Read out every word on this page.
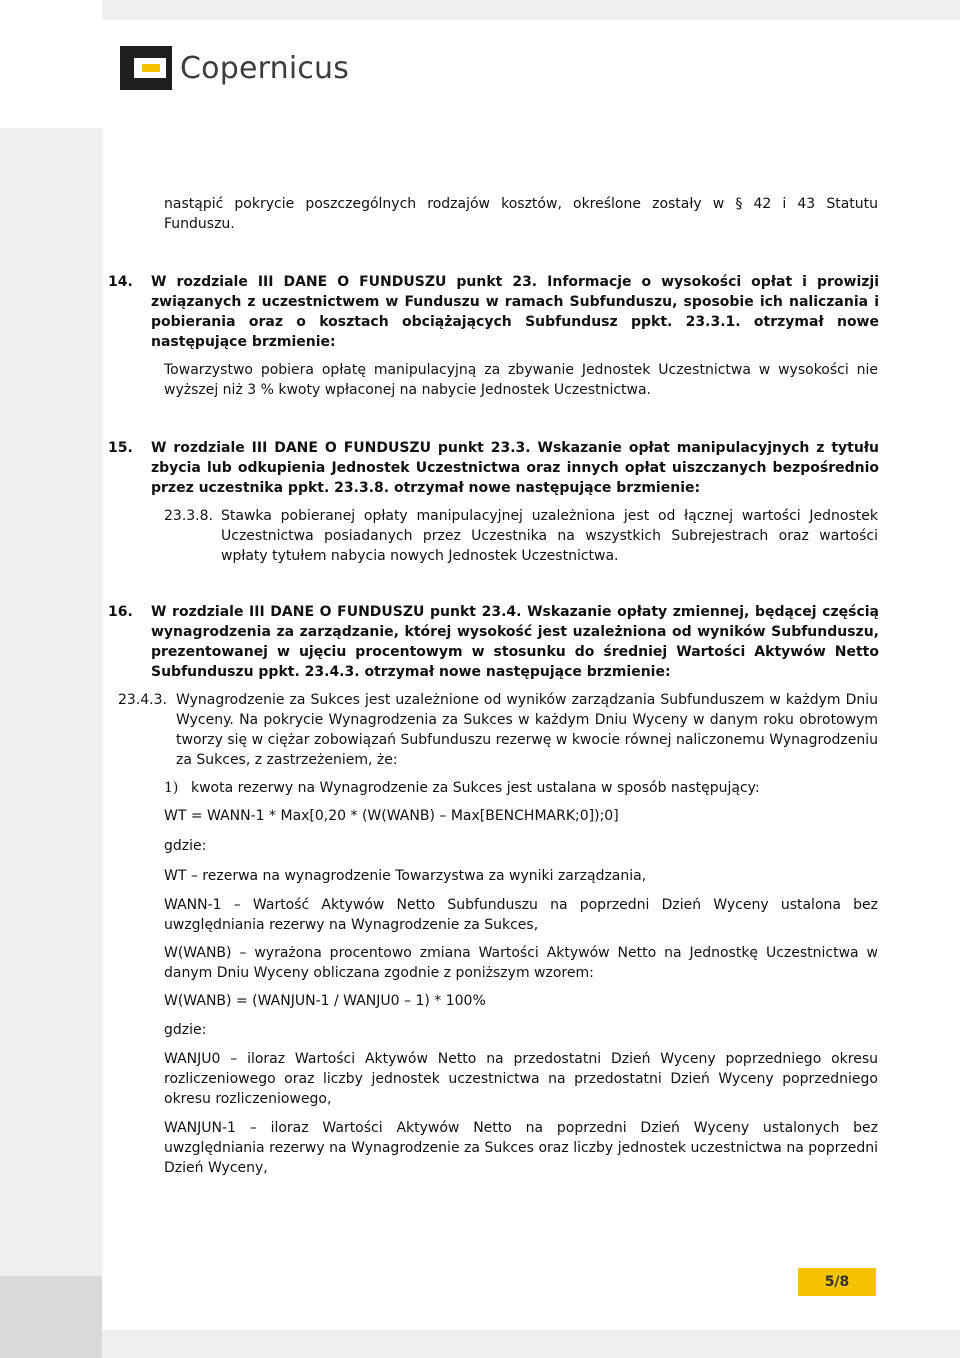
Copernicus
nastąpić pokrycie poszczególnych rodzajów kosztów, określone zostały w § 42 i 43 Statutu
Funduszu.
14. W rozdziale III DANE O FUNDUSZU punkt 23. Informacje o wysokości opłat i prowizji związanych z uczestnictwem w Funduszu w ramach Subfunduszu, sposobie ich naliczania i pobierania oraz o kosztach obciążających Subfundusz ppkt. 23.3.1. otrzymał nowe następujące brzmienie:
Towarzystwo pobiera opłatę manipulacyjną za zbywanie Jednostek Uczestnictwa w wysokości nie wyższej niż 3 % kwoty wpłaconej na nabycie Jednostek Uczestnictwa.
15. W rozdziale III DANE O FUNDUSZU punkt 23.3. Wskazanie opłat manipulacyjnych z tytułu zbycia lub odkupienia Jednostek Uczestnictwa oraz innych opłat uiszczanych bezpośrednio przez uczestnika ppkt. 23.3.8. otrzymał nowe następujące brzmienie:
23.3.8. Stawka pobieranej opłaty manipulacyjnej uzależniona jest od łącznej wartości Jednostek Uczestnictwa posiadanych przez Uczestnika na wszystkich Subrejestrach oraz wartości wpłaty tytułem nabycia nowych Jednostek Uczestnictwa.
16. W rozdziale III DANE O FUNDUSZU punkt 23.4. Wskazanie opłaty zmiennej, będącej częścią wynagrodzenia za zarządzanie, której wysokość jest uzależniona od wyników Subfunduszu, prezentowanej w ujęciu procentowym w stosunku do średniej Wartości Aktywów Netto Subfunduszu ppkt. 23.4.3. otrzymał nowe następujące brzmienie:
23.4.3. Wynagrodzenie za Sukces jest uzależnione od wyników zarządzania Subfunduszem w każdym Dniu Wyceny. Na pokrycie Wynagrodzenia za Sukces w każdym Dniu Wyceny w danym roku obrotowym tworzy się w ciężar zobowiązań Subfunduszu rezerwę w kwocie równej naliczonemu Wynagrodzeniu za Sukces, z zastrzeżeniem, że:
1) kwota rezerwy na Wynagrodzenie za Sukces jest ustalana w sposób następujący:
WT = WANN-1 * Max[0,20 * (W(WANB) – Max[BENCHMARK;0]);0]
gdzie:
WT – rezerwa na wynagrodzenie Towarzystwa za wyniki zarządzania,
WANN-1 – Wartość Aktywów Netto Subfunduszu na poprzedni Dzień Wyceny ustalona bez uwzględniania rezerwy na Wynagrodzenie za Sukces,
W(WANB) – wyrażona procentowo zmiana Wartości Aktywów Netto na Jednostkę Uczestnictwa w danym Dniu Wyceny obliczana zgodnie z poniższym wzorem:
W(WANB) = (WANJUN-1 / WANJU0 – 1) * 100%
gdzie:
WANJU0 – iloraz Wartości Aktywów Netto na przedostatni Dzień Wyceny poprzedniego okresu rozliczeniowego oraz liczby jednostek uczestnictwa na przedostatni Dzień Wyceny poprzedniego okresu rozliczeniowego,
WANJUN-1 – iloraz Wartości Aktywów Netto na poprzedni Dzień Wyceny ustalonych bez uwzględniania rezerwy na Wynagrodzenie za Sukces oraz liczby jednostek uczestnictwa na poprzedni Dzień Wyceny,
5/8
